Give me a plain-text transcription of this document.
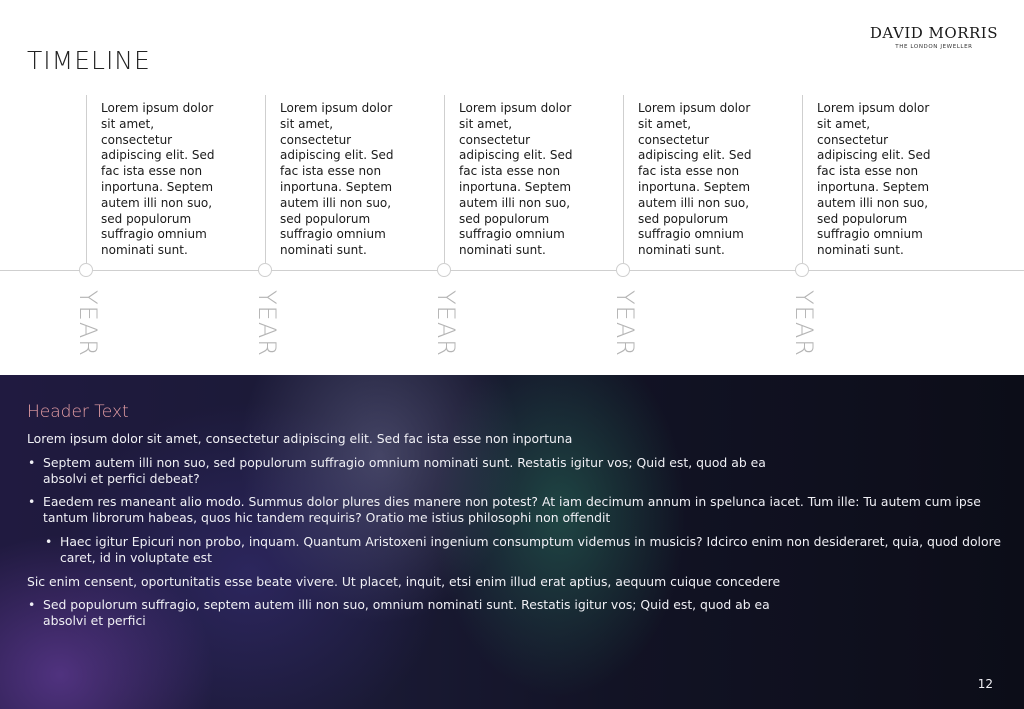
DAVID MORRIS
THE LONDON JEWELLER
TIMELINE
Lorem ipsum dolor sit amet, consectetur adipiscing elit. Sed fac ista esse non inportuna. Septem autem illi non suo, sed populorum suffragio omnium nominati sunt.
YEAR
Lorem ipsum dolor sit amet, consectetur adipiscing elit. Sed fac ista esse non inportuna. Septem autem illi non suo, sed populorum suffragio omnium nominati sunt.
YEAR
Lorem ipsum dolor sit amet, consectetur adipiscing elit. Sed fac ista esse non inportuna. Septem autem illi non suo, sed populorum suffragio omnium nominati sunt.
YEAR
Lorem ipsum dolor sit amet, consectetur adipiscing elit. Sed fac ista esse non inportuna. Septem autem illi non suo, sed populorum suffragio omnium nominati sunt.
YEAR
Lorem ipsum dolor sit amet, consectetur adipiscing elit. Sed fac ista esse non inportuna. Septem autem illi non suo, sed populorum suffragio omnium nominati sunt.
YEAR
Header Text

Lorem ipsum dolor sit amet, consectetur adipiscing elit. Sed fac ista esse non inportuna

• Septem autem illi non suo, sed populorum suffragio omnium nominati sunt. Restatis igitur vos; Quid est, quod ab ea absolvi et perfici debeat?

• Eaedem res maneant alio modo. Summus dolor plures dies manere non potest? At iam decimum annum in spelunca iacet. Tum ille: Tu autem cum ipse tantum librorum habeas, quos hic tandem requiris? Oratio me istius philosophi non offendit

• Haec igitur Epicuri non probo, inquam. Quantum Aristoxeni ingenium consumptum videmus in musicis? Idcirco enim non desideraret, quia, quod dolore caret, id in voluptate est

Sic enim censent, oportunitatis esse beate vivere. Ut placet, inquit, etsi enim illud erat aptius, aequum cuique concedere

• Sed populorum suffragio, septem autem illi non suo, omnium nominati sunt. Restatis igitur vos; Quid est, quod ab ea absolvi et perfici

12
